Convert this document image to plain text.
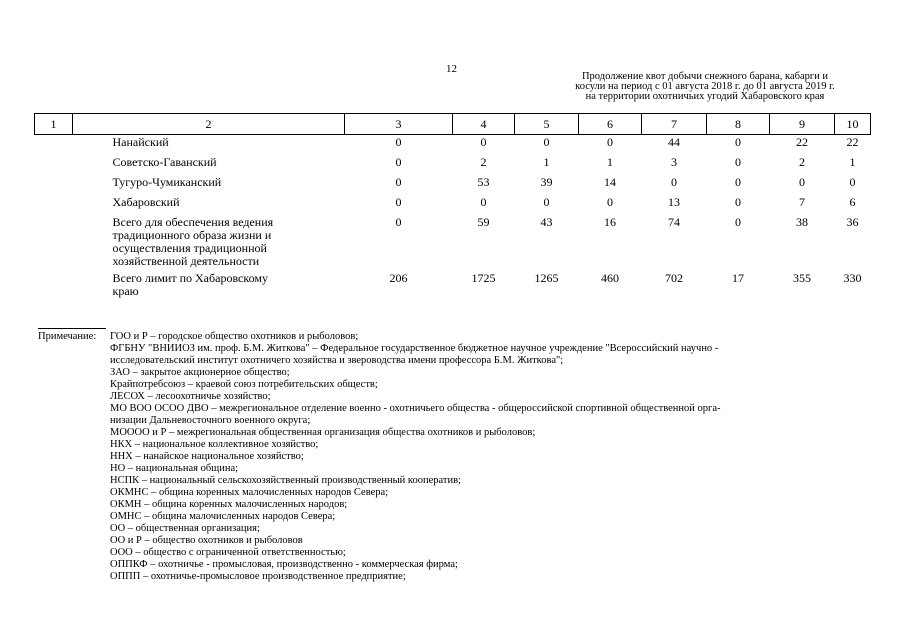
12
Продолжение квот добычи снежного барана, кабарги и
косули на период с 01 августа 2018 г. до 01 августа 2019 г.
на территории охотничьих угодий Хабаровского края
1	2	3	4	5	6	7	8	9	10
	Нанайский	0	0	0	0	44	0	22	22
	Советско-Гаванский	0	2	1	1	3	0	2	1
	Тугуро-Чумиканский	0	53	39	14	0	0	0	0
	Хабаровский	0	0	0	0	13	0	7	6

	Всего для обеспечения ведения
традиционного образа жизни и
осуществления традиционной
хозяйственной деятельности	0	59	43	16	74	0	38	36

	Всего лимит по Хабаровскому
краю	206	1725	1265	460	702	17	355	330
Примечание: ГОО и Р – городское общество охотников и рыболовов;
ФГБНУ "ВНИИОЗ им. проф. Б.М. Житкова" – Федеральное государственное бюджетное научное учреждение "Всероссийский научно -
исследовательский институт охотничего хозяйства и звероводства имени профессора Б.М. Житкова";
ЗАО – закрытое акционерное общество;
Крайпотребсоюз – краевой союз потребительских обществ;
ЛЕСОХ – лесоохотничье хозяйство;
МО ВОО ОСОО ДВО – межрегиональное отделение военно - охотничьего общества - общероссийской спортивной общественной орга-
низации Дальневосточного военного округа;
МООOО и Р – межрегиональная общественная организация общества охотников и рыболовов;
НКХ – национальное коллективное хозяйство;
ННХ – нанайское национальное хозяйство;
НО – национальная община;
НСПК – национальный сельскохозяйственный производственный кооператив;
ОКМНС – община коренных малочисленных народов Севера;
ОКМН – община коренных малочисленных народов;
ОМНС – община малочисленных народов Севера;
ОО – общественная организация;
ОО и Р – общество охотников и рыболовов
ООО – общество с ограниченной ответственностью;
ОППКФ – охотничье - промысловая, производственно - коммерческая фирма;
ОППП – охотничье-промысловое производственное предприятие;
